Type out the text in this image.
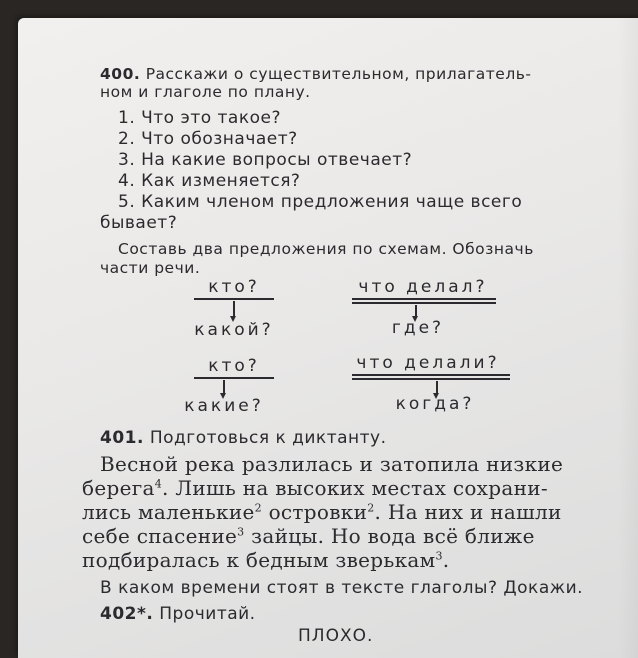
400. Расскажи о существительном, прилагатель-
ном и глаголе по плану.
1. Что это такое?
2. Что обозначает?
3. На какие вопросы отвечает?
4. Как изменяется?
5. Каким членом предложения чаще всего
бывает?
Составь два предложения по схемам. Обозначь
части речи.
кто?
какой?
что делал?
где?
кто?
какие?
что делали?
когда?
401. Подготовься к диктанту.
Весной река разлилась и затопила низкие
берега$^4$. Лишь на высоких местах сохрани-
лись маленькие$^2$ островки$^2$. На них и нашли
себе спасение$^3$ зайцы. Но вода всё ближе
подбиралась к бедным зверькам$^3$.
В каком времени стоят в тексте глаголы? Докажи.
402*. Прочитай.
ПЛОХО.
